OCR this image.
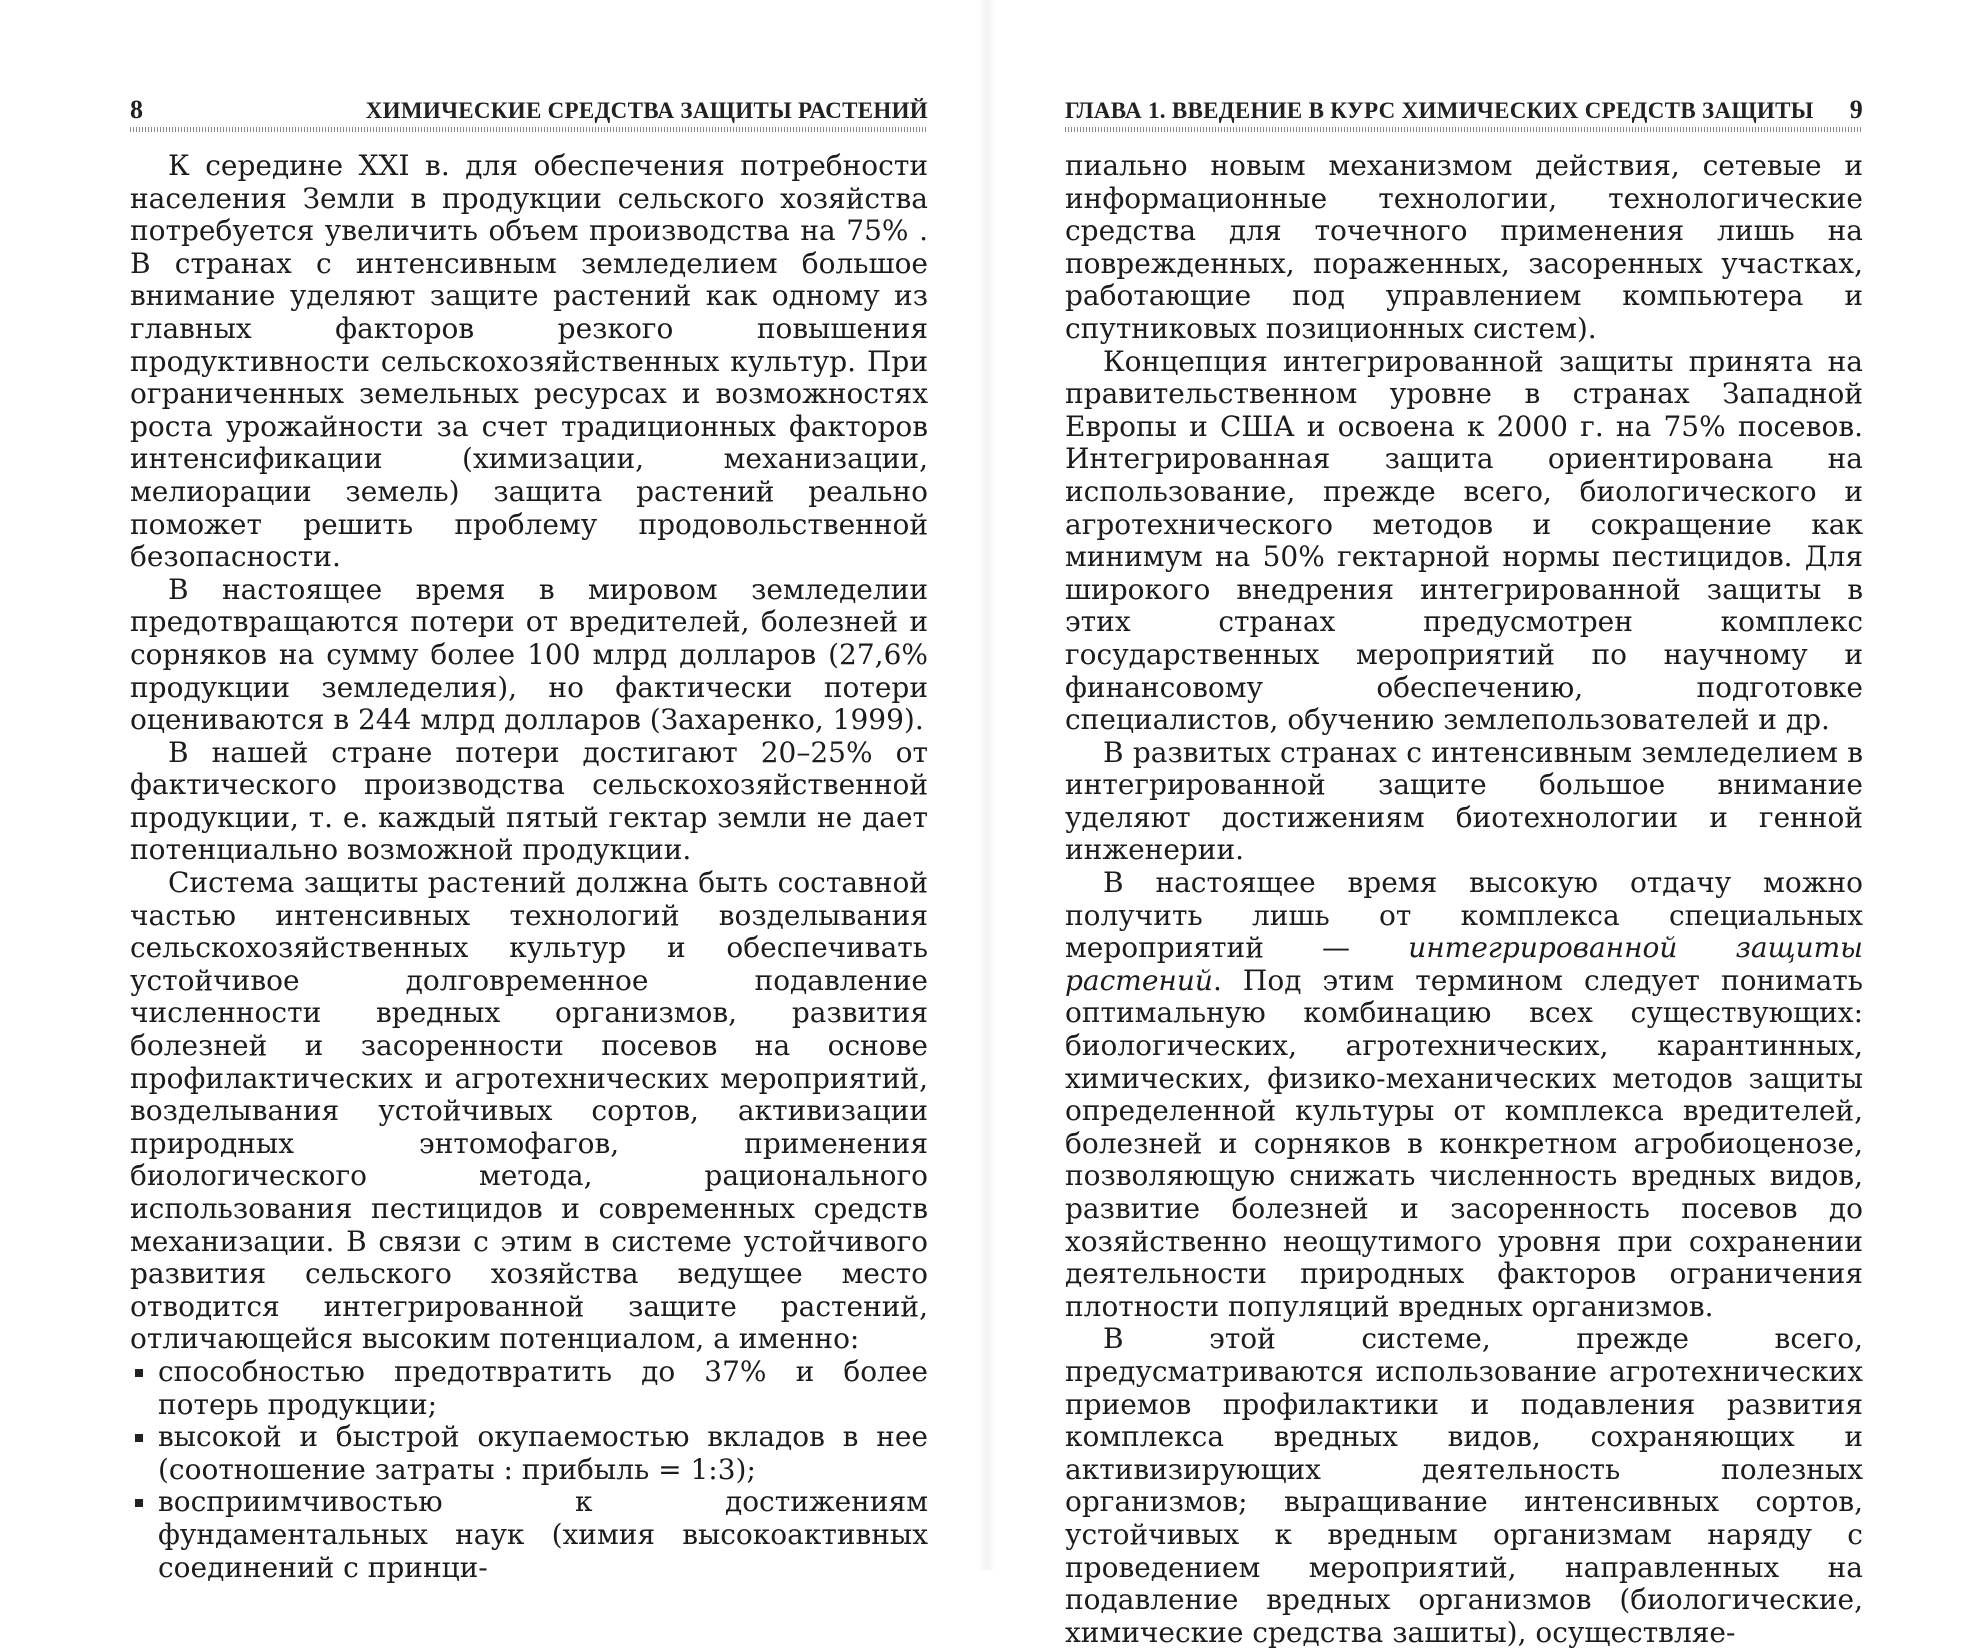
8	ХИМИЧЕСКИЕ СРЕДСТВА ЗАЩИТЫ РАСТЕНИЙ

К середине XXI в. для обеспечения потребности населения Земли в продукции сельского хозяйства потребуется увеличить объем производства на 75% . В странах с интенсивным земледелием большое внимание уделяют защите растений как одному из главных факторов резкого повышения продуктивности сельскохозяйственных культур. При ограниченных земельных ресурсах и возможностях роста урожайности за счет традиционных факторов интенсификации (химизации, механизации, мелиорации земель) защита растений реально поможет решить проблему продовольственной безопасности.

В настоящее время в мировом земледелии предотвращаются потери от вредителей, болезней и сорняков на сумму более 100 млрд долларов (27,6% продукции земледелия), но фактически потери оцениваются в 244 млрд долларов (Захаренко, 1999).

В нашей стране потери достигают 20–25% от фактического производства сельскохозяйственной продукции, т. е. каждый пятый гектар земли не дает потенциально возможной продукции.

Система защиты растений должна быть составной частью интенсивных технологий возделывания сельскохозяйственных культур и обеспечивать устойчивое долговременное подавление численности вредных организмов, развития болезней и засоренности посевов на основе профилактических и агротехнических мероприятий, возделывания устойчивых сортов, активизации природных энтомофагов, применения биологического метода, рационального использования пестицидов и современных средств механизации. В связи с этим в системе устойчивого развития сельского хозяйства ведущее место отводится интегрированной защите растений, отличающейся высоким потенциалом, а именно:

способностью предотвратить до 37% и более потерь продукции;
высокой и быстрой окупаемостью вкладов в нее (соотношение затраты : прибыль = 1:3);
восприимчивостью к достижениям фундаментальных наук (химия высокоактивных соединений с принци-
ГЛАВА 1. ВВЕДЕНИЕ В КУРС ХИМИЧЕСКИХ СРЕДСТВ ЗАЩИТЫ 9

пиально новым механизмом действия, сетевые и информационные технологии, технологические средства для точечного применения лишь на поврежденных, пораженных, засоренных участках, работающие под управлением компьютера и спутниковых позиционных систем).

Концепция интегрированной защиты принята на правительственном уровне в странах Западной Европы и США и освоена к 2000 г. на 75% посевов. Интегрированная защита ориентирована на использование, прежде всего, биологического и агротехнического методов и сокращение как минимум на 50% гектарной нормы пестицидов. Для широкого внедрения интегрированной защиты в этих странах предусмотрен комплекс государственных мероприятий по научному и финансовому обеспечению, подготовке специалистов, обучению землепользователей и др.

В развитых странах с интенсивным земледелием в интегрированной защите большое внимание уделяют достижениям биотехнологии и генной инженерии.

В настоящее время высокую отдачу можно получить лишь от комплекса специальных мероприятий — интегрированной защиты растений. Под этим термином следует понимать оптимальную комбинацию всех существующих: биологических, агротехнических, карантинных, химических, физико-механических методов защиты определенной культуры от комплекса вредителей, болезней и сорняков в конкретном агробиоценозе, позволяющую снижать численность вредных видов, развитие болезней и засоренность посевов до хозяйственно неощутимого уровня при сохранении деятельности природных факторов ограничения плотности популяций вредных организмов.

В этой системе, прежде всего, предусматриваются использование агротехнических приемов профилактики и подавления развития комплекса вредных видов, сохраняющих и активизирующих деятельность полезных организмов; выращивание интенсивных сортов, устойчивых к вредным организмам наряду с проведением мероприятий, направленных на подавление вредных организмов (биологические, химические средства зашиты), осуществляе-
